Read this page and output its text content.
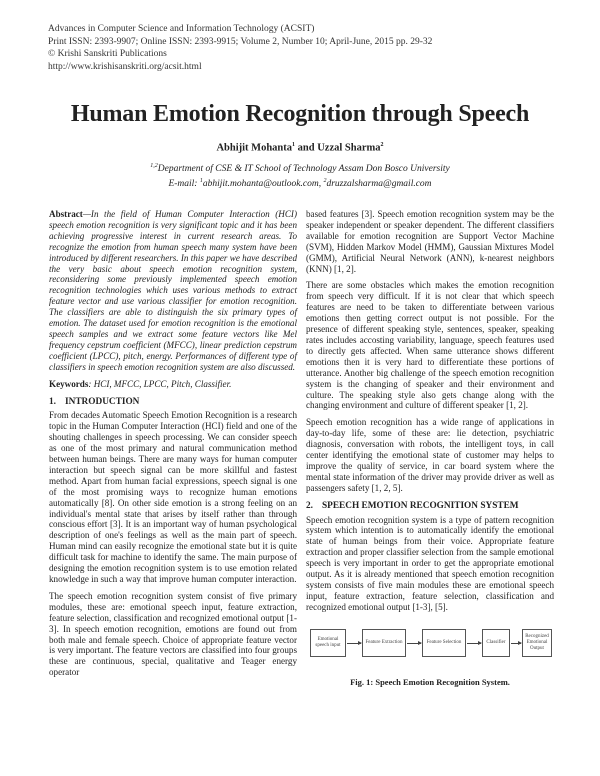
Advances in Computer Science and Information Technology (ACSIT)
Print ISSN: 2393-9907; Online ISSN: 2393-9915; Volume 2, Number 10; April-June, 2015 pp. 29-32
© Krishi Sanskriti Publications
http://www.krishisanskriti.org/acsit.html
Human Emotion Recognition through Speech
Abhijit Mohanta$^1$ and Uzzal Sharma$^2$
$^{1,2}$Department of CSE & IT School of Technology Assam Don Bosco University
E-mail: $^1$abhijit.mohanta@outlook.com, $^2$druzzalsharma@gmail.com

Abstract—In the field of Human Computer Interaction (HCI) speech emotion recognition is very significant topic and it has been achieving progressive interest in current research areas. To recognize the emotion from human speech many system have been introduced by different researchers. In this paper we have described the very basic about speech emotion recognition system, reconsidering some previously implemented speech emotion recognition technologies which uses various methods to extract feature vector and use various classifier for emotion recognition. The classifiers are able to distinguish the six primary types of emotion. The dataset used for emotion recognition is the emotional speech samples and we extract some feature vectors like Mel frequency cepstrum coefficient (MFCC), linear prediction cepstrum coefficient (LPCC), pitch, energy. Performances of different type of classifiers in speech emotion recognition system are also discussed.

Keywords: HCI, MFCC, LPCC, Pitch, Classifier.

1. INTRODUCTION

From decades Automatic Speech Emotion Recognition is a research topic in the Human Computer Interaction (HCI) field and one of the shouting challenges in speech processing. We can consider speech as one of the most primary and natural communication method between human beings. There are many ways for human computer interaction but speech signal can be more skillful and fastest method. Apart from human facial expressions, speech signal is one of the most promising ways to recognize human emotions automatically [8]. On other side emotion is a strong feeling on an individual's mental state that arises by itself rather than through conscious effort [3]. It is an important way of human psychological description of one's feelings as well as the main part of speech. Human mind can easily recognize the emotional state but it is quite difficult task for machine to identify the same. The main purpose of designing the emotion recognition system is to use emotion related knowledge in such a way that improve human computer interaction.

The speech emotion recognition system consist of five primary modules, these are: emotional speech input, feature extraction, feature selection, classification and recognized emotional output [1-3]. In speech emotion recognition, emotions are found out from both male and female speech. Choice of appropriate feature vector is very important. The feature vectors are classified into four groups these are continuous, special, qualitative and Teager energy operator

based features [3]. Speech emotion recognition system may be the speaker independent or speaker dependent. The different classifiers available for emotion recognition are Support Vector Machine (SVM), Hidden Markov Model (HMM), Gaussian Mixtures Model (GMM), Artificial Neural Network (ANN), k-nearest neighbors (KNN) [1, 2].

There are some obstacles which makes the emotion recognition from speech very difficult. If it is not clear that which speech features are need to be taken to differentiate between various emotions then getting correct output is not possible. For the presence of different speaking style, sentences, speaker, speaking rates includes accosting variability, language, speech features used to directly gets affected. When same utterance shows different emotions then it is very hard to differentiate these portions of utterance. Another big challenge of the speech emotion recognition system is the changing of speaker and their environment and culture. The speaking style also gets change along with the changing environment and culture of different speaker [1, 2].

Speech emotion recognition has a wide range of applications in day-to-day life, some of these are: lie detection, psychiatric diagnosis, conversation with robots, the intelligent toys, in call center identifying the emotional state of customer may helps to improve the quality of service, in car board system where the mental state information of the driver may provide driver as well as passengers safety [1, 2, 5].

2. SPEECH EMOTION RECOGNITION SYSTEM

Speech emotion recognition system is a type of pattern recognition system which intention is to automatically identify the emotional state of human beings from their voice. Appropriate feature extraction and proper classifier selection from the sample emotional speech is very important in order to get the appropriate emotional output. As it is already mentioned that speech emotion recognition system consists of five main modules these are emotional speech input, feature extraction, feature selection, classification and recognized emotional output [1-3], [5].

Emotional speech input
Feature Extraction	Feature Selection	Classifier
Recognized Emotional Output
Fig. 1: Speech Emotion Recognition System.
